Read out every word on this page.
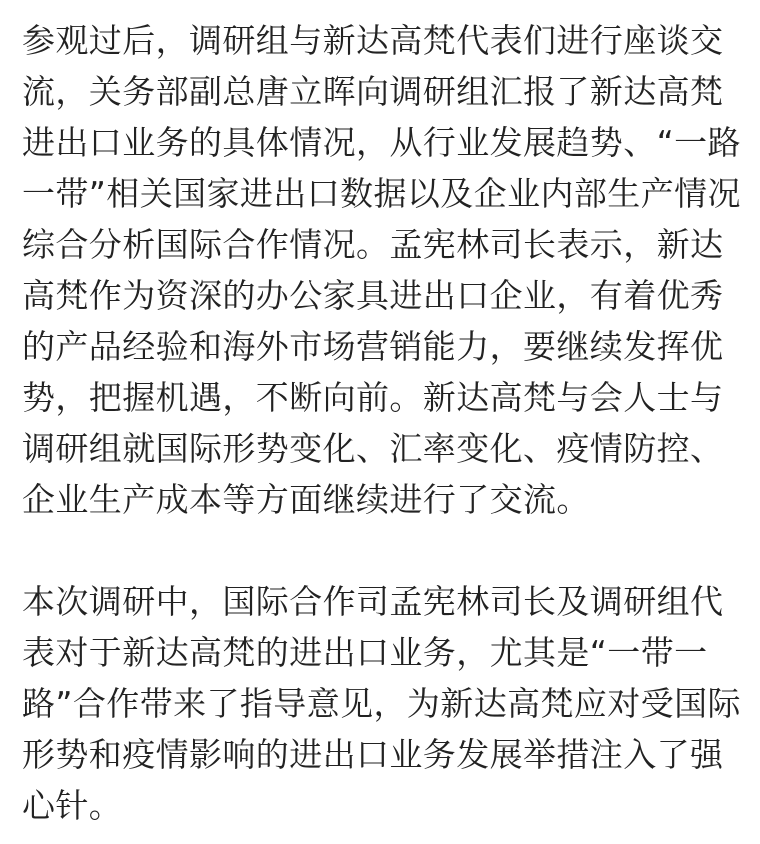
参观过后，调研组与新达高梵代表们进行座谈交
流，关务部副总唐立晖向调研组汇报了新达高梵
进出口业务的具体情况，从行业发展趋势、“一路
一带”相关国家进出口数据以及企业内部生产情况
综合分析国际合作情况。孟宪林司长表示，新达
高梵作为资深的办公家具进出口企业，有着优秀
的产品经验和海外市场营销能力，要继续发挥优
势，把握机遇，不断向前。新达高梵与会人士与
调研组就国际形势变化、汇率变化、疫情防控、
企业生产成本等方面继续进行了交流。

本次调研中，国际合作司孟宪林司长及调研组代
表对于新达高梵的进出口业务，尤其是“一带一
路”合作带来了指导意见，为新达高梵应对受国际
形势和疫情影响的进出口业务发展举措注入了强
心针。
